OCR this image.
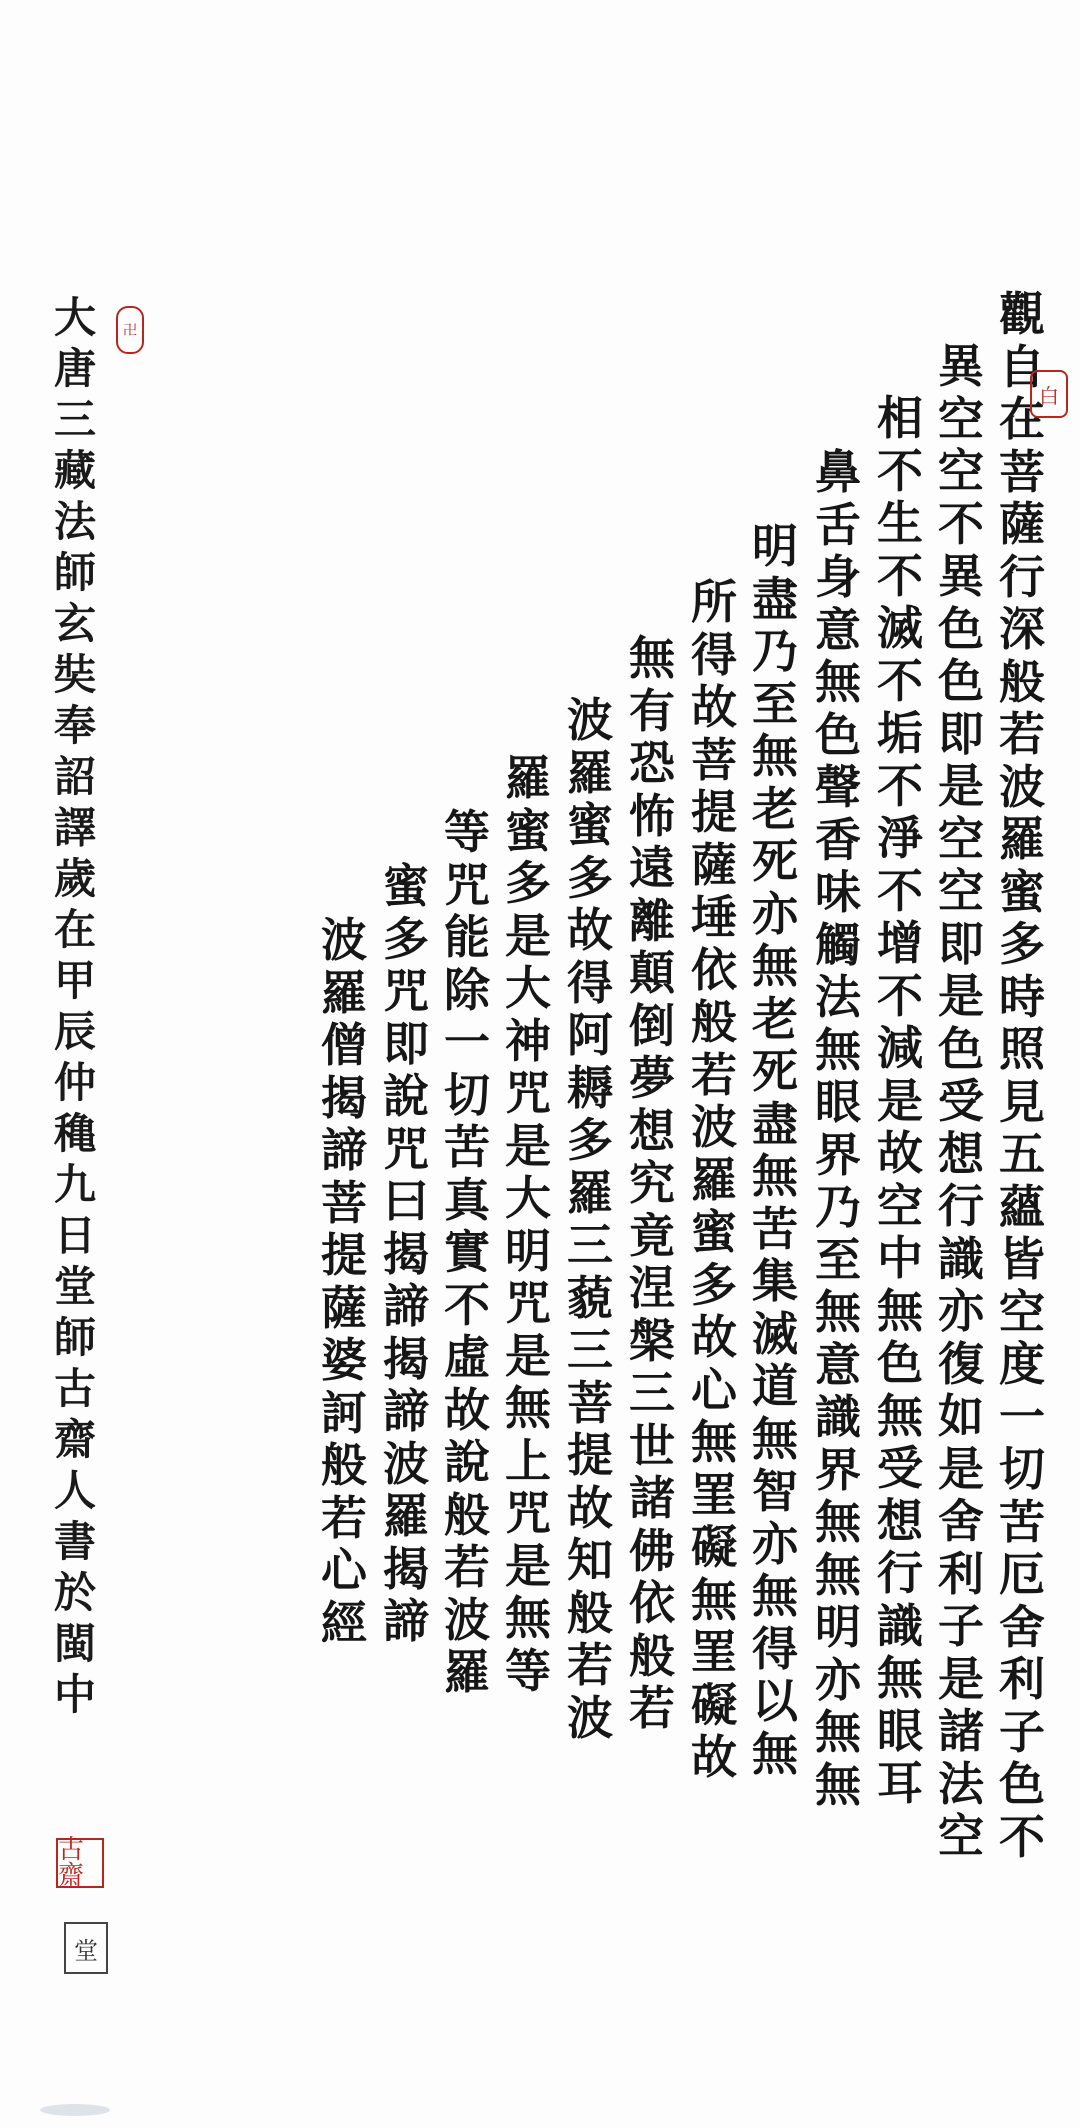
觀
自
在
菩
薩
行
深
般
若
波
羅
蜜
多
時
照
見
五
蘊
皆
空
度
一
切
苦
厄
舍
利
子
色
不
異
空
空
不
異
色
色
即
是
空
空
即
是
色
受
想
行
識
亦
復
如
是
舍
利
子
是
諸
法
空
相
不
生
不
滅
不
垢
不
淨
不
增
不
減
是
故
空
中
無
色
無
受
想
行
識
無
眼
耳
鼻
舌
身
意
無
色
聲
香
味
觸
法
無
眼
界
乃
至
無
意
識
界
無
無
明
亦
無
無
明
盡
乃
至
無
老
死
亦
無
老
死
盡
無
苦
集
滅
道
無
智
亦
無
得
以
無
所
得
故
菩
提
薩
埵
依
般
若
波
羅
蜜
多
故
心
無
罣
礙
無
罣
礙
故
無
有
恐
怖
遠
離
顛
倒
夢
想
究
竟
涅
槃
三
世
諸
佛
依
般
若
波
羅
蜜
多
故
得
阿
耨
多
羅
三
藐
三
菩
提
故
知
般
若
波
羅
蜜
多
是
大
神
咒
是
大
明
咒
是
無
上
咒
是
無
等
等
咒
能
除
一
切
苦
真
實
不
虛
故
說
般
若
波
羅
蜜
多
咒
即
說
咒
曰
揭
諦
揭
諦
波
羅
揭
諦
波
羅
僧
揭
諦
菩
提
薩
婆
訶
般
若
心
經
大
唐
三
藏
法
師
玄
奘
奉
詔
譯
歲
在
甲
辰
仲
穐
九
日
堂
師
古
齋
人
書
於
閩
中
白
卍
古齋
堂
